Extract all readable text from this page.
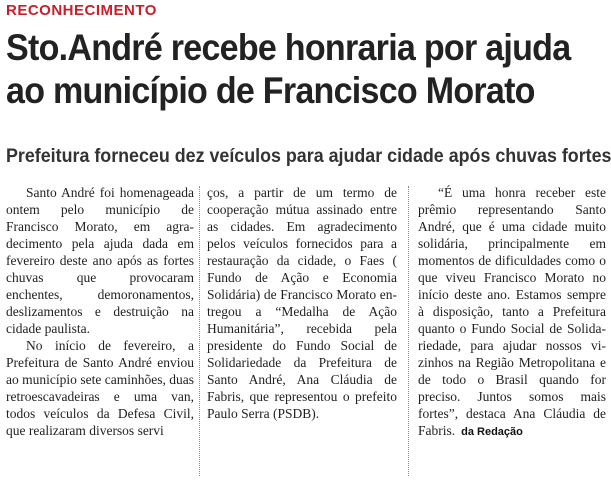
RECONHECIMENTO
Sto.André recebe honraria por ajuda
ao município de Francisco Morato
Prefeitura forneceu dez veículos para ajudar cidade após chuvas fortes

Santo André foi homenageada ontem pelo município de Francisco Morato, em agradecimento pela ajuda dada em fevereiro deste ano após as fortes chuvas que provocaram enchentes, demoronamentos, deslizamentos e destruição na cidade paulista.

No início de fevereiro, a Prefeitura de Santo André enviou ao município sete caminhões, duas retroescavadeiras e uma van, todos veículos da Defesa Civil, que realizaram diversos servi

ços, a partir de um termo de cooperação mútua assinado entre as cidades. Em agradecimento pelos veículos fornecidos para a restauração da cidade, o Faes ( Fundo de Ação e Economia Solidária) de Francisco Morato entregou a “Medalha de Ação Humanitária”, recebida pela presidente do Fundo Social de Solidariedade da Prefeitura de Santo André, Ana Cláudia de Fabris, que representou o prefeito Paulo Serra (PSDB).

“É uma honra receber este prêmio representando Santo André, que é uma cidade muito solidária, principalmente em momentos de dificuldades como o que viveu Francisco Morato no início deste ano. Estamos sempre à disposição, tanto a Prefeitura quanto o Fundo Social de Solidariedade, para ajudar nossos vizinhos na Região Metropolitana e de todo o Brasil quando for preciso. Juntos somos mais fortes”, destaca Ana Cláudia de Fabris. da Redação
